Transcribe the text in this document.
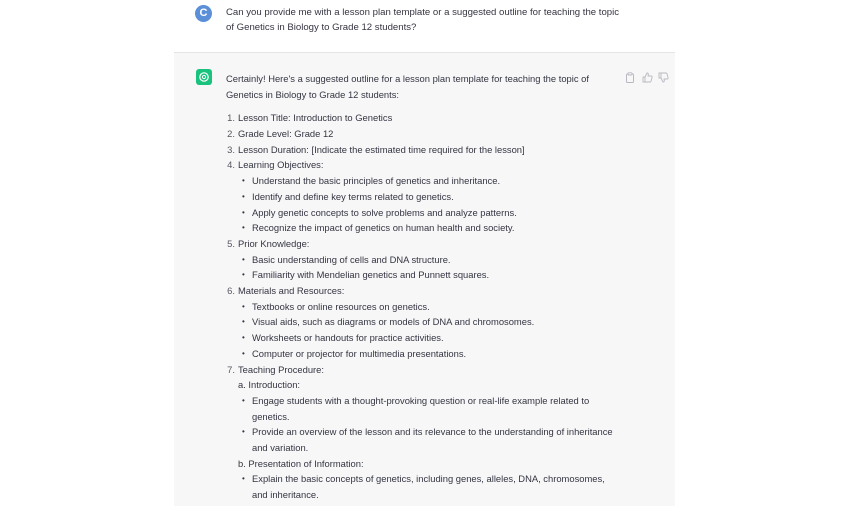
C	Can you provide me with a lesson plan template or a suggested outline for teaching the topic of Genetics in Biology to Grade 12 students?

Certainly! Here's a suggested outline for a lesson plan template for teaching the topic of Genetics in Biology to Grade 12 students:

1. Lesson Title: Introduction to Genetics
2. Grade Level: Grade 12
3. Lesson Duration: [Indicate the estimated time required for the lesson]
4. Learning Objectives:
• Understand the basic principles of genetics and inheritance.
• Identify and define key terms related to genetics.
• Apply genetic concepts to solve problems and analyze patterns.
• Recognize the impact of genetics on human health and society.
5. Prior Knowledge:
• Basic understanding of cells and DNA structure.
• Familiarity with Mendelian genetics and Punnett squares.
6. Materials and Resources:
• Textbooks or online resources on genetics.
• Visual aids, such as diagrams or models of DNA and chromosomes.
• Worksheets or handouts for practice activities.
• Computer or projector for multimedia presentations.
7. Teaching Procedure:
a. Introduction:
• Engage students with a thought-provoking question or real-life example related to genetics.
• Provide an overview of the lesson and its relevance to the understanding of inheritance and variation.
b. Presentation of Information:
• Explain the basic concepts of genetics, including genes, alleles, DNA, chromosomes, and inheritance.
